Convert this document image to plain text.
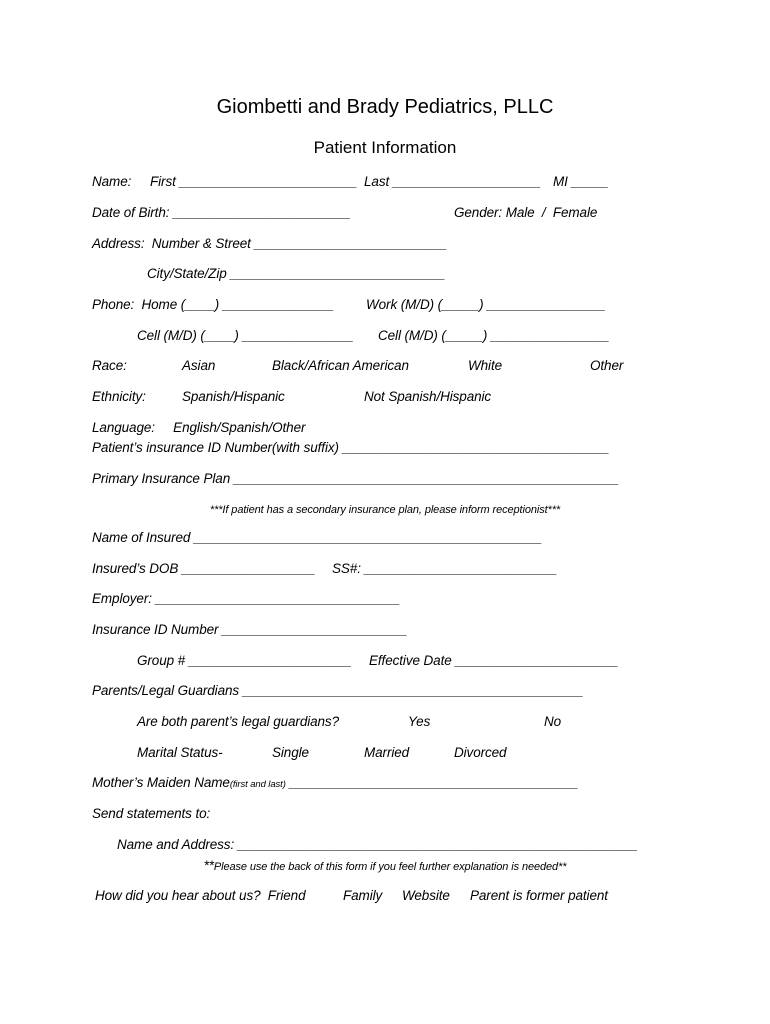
Giombetti and Brady Pediatrics, PLLC
Patient Information
Name: First ________________________ Last ____________________ MI _____
Date of Birth: ________________________	Gender: Male  /  Female
Address:  Number & Street __________________________
City/State/Zip _____________________________
Phone:  Home (____) _______________ Work (M/D) (_____) ________________
Cell (M/D) (____) _______________ Cell (M/D) (_____) ________________
Race:	Asian	Black/African American	White	Other
Ethnicity:	Spanish/Hispanic	Not Spanish/Hispanic
Language:     English/Spanish/Other
Patient’s insurance ID Number(with suffix) ____________________________________
Primary Insurance Plan ____________________________________________________
***If patient has a secondary insurance plan, please inform receptionist***
Name of Insured _______________________________________________
Insured’s DOB __________________ SS#: __________________________
Employer: _________________________________
Insurance ID Number _________________________
Group # ______________________ Effective Date ______________________
Parents/Legal Guardians ______________________________________________
Are both parent’s legal guardians?	Yes	No
Marital Status-	Single	Married	Divorced
Mother’s Maiden Name(first and last) _______________________________________
Send statements to:
Name and Address: ______________________________________________________
**Please use the back of this form if you feel further explanation is needed**
How did you hear about us?  Friend	Family Website Parent is former patient
